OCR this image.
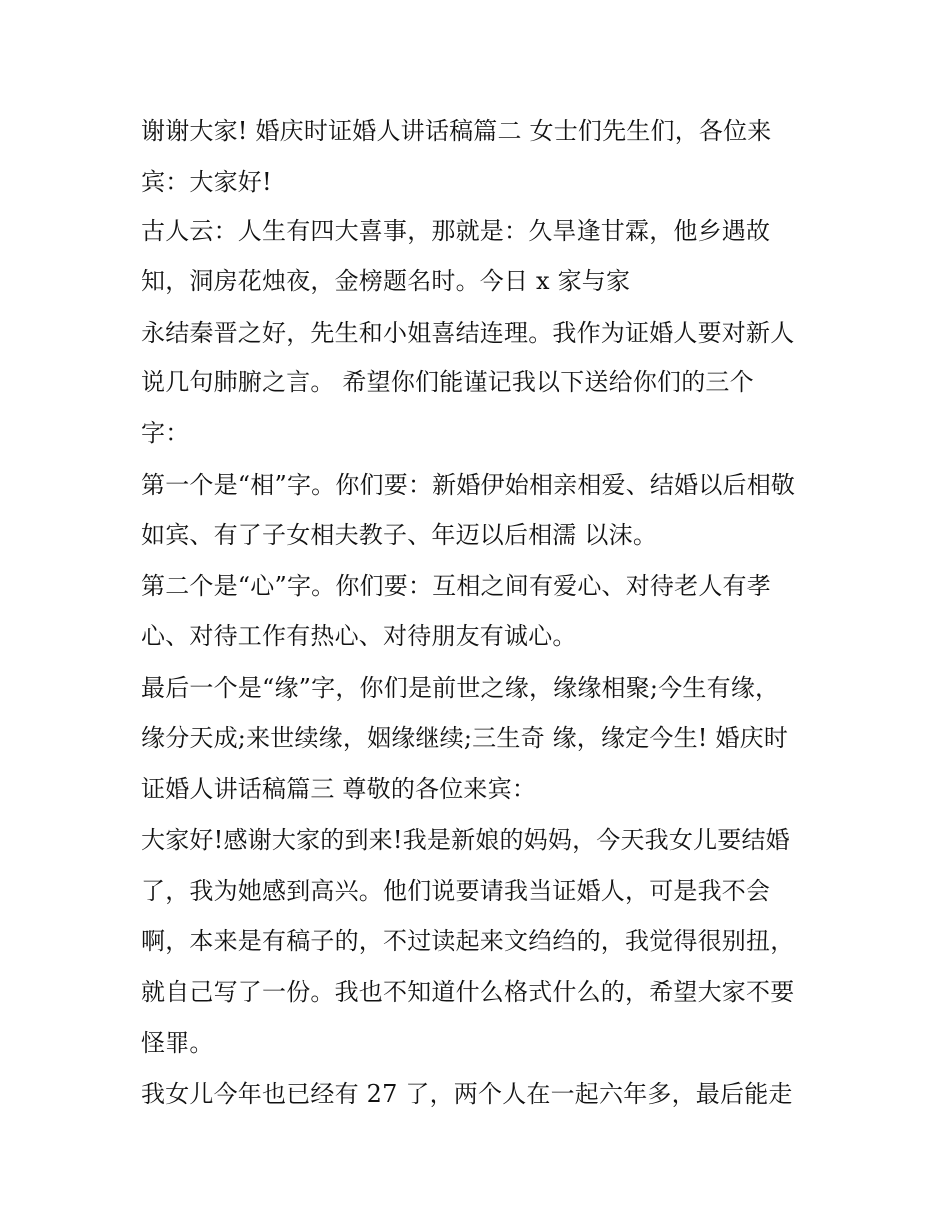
谢谢大家! 婚庆时证婚人讲话稿篇二 女士们先生们，各位来
宾：大家好!
古人云：人生有四大喜事，那就是：久旱逢甘霖，他乡遇故
知，洞房花烛夜，金榜题名时。今日 x 家与家
永结秦晋之好，先生和小姐喜结连理。我作为证婚人要对新人
说几句肺腑之言。 希望你们能谨记我以下送给你们的三个
字：
第一个是“相”字。你们要：新婚伊始相亲相爱、结婚以后相敬
如宾、有了子女相夫教子、年迈以后相濡 以沫。
第二个是“心”字。你们要：互相之间有爱心、对待老人有孝
心、对待工作有热心、对待朋友有诚心。
最后一个是“缘”字，你们是前世之缘，缘缘相聚;今生有缘，
缘分天成;来世续缘，姻缘继续;三生奇 缘，缘定今生! 婚庆时
证婚人讲话稿篇三 尊敬的各位来宾：
大家好!感谢大家的到来!我是新娘的妈妈，今天我女儿要结婚
了，我为她感到高兴。他们说要请我当证婚人，可是我不会
啊，本来是有稿子的，不过读起来文绉绉的，我觉得很别扭，
就自己写了一份。我也不知道什么格式什么的，希望大家不要
怪罪。
我女儿今年也已经有 27 了，两个人在一起六年多，最后能走
